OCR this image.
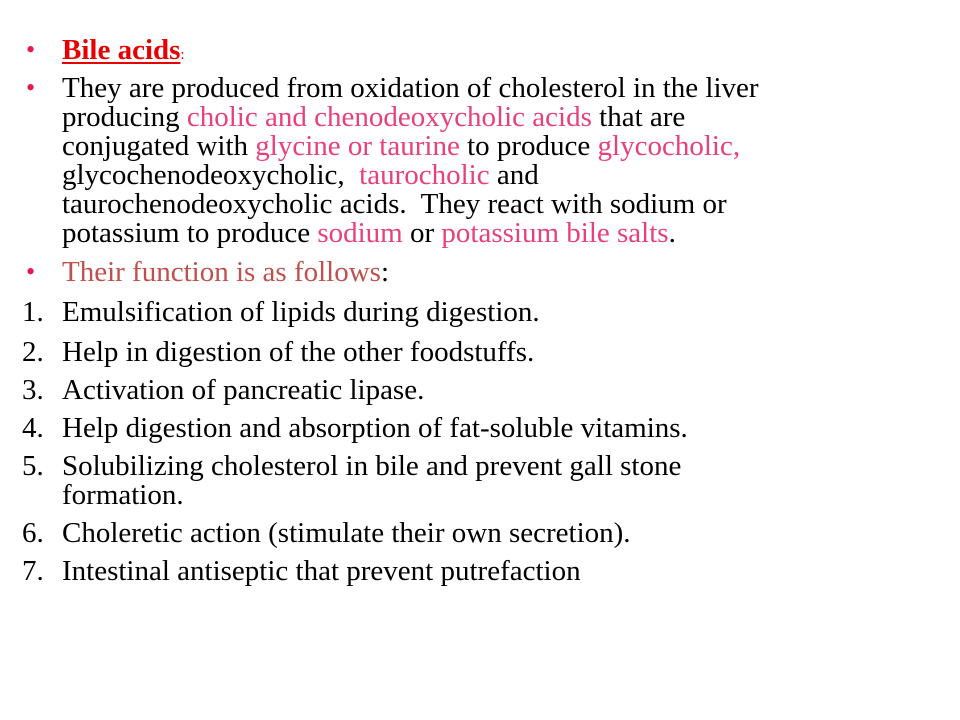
• Bile acids:
• They are produced from oxidation of cholesterol in the liver
producing cholic and chenodeoxycholic acids that are
conjugated with glycine or taurine to produce glycocholic,
glycochenodeoxycholic,  taurocholic and
taurochenodeoxycholic acids.  They react with sodium or
potassium to produce sodium or potassium bile salts.
• Their function is as follows:
1. Emulsification of lipids during digestion.
2. Help in digestion of the other foodstuffs.
3. Activation of pancreatic lipase.
4. Help digestion and absorption of fat-soluble vitamins.
5. Solubilizing cholesterol in bile and prevent gall stone
formation.
6. Choleretic action (stimulate their own secretion).
7. Intestinal antiseptic that prevent putrefaction
